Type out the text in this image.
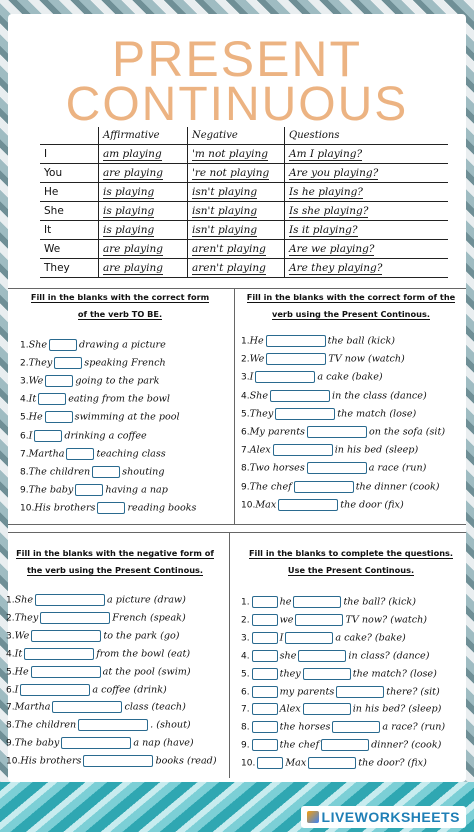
PRESENT
CONTINUOUS
	Affirmative	Negative	Questions
I	am playing	'm not playing	Am I playing?
You	are playing	're not playing	Are you playing?
He	is playing	isn't playing	Is he playing?
She	is playing	isn't playing	Is she playing?
It	is playing	isn't playing	Is it playing?
We	are playing	aren't playing	Are we playing?
They	are playing	aren't playing	Are they playing?
Fill in the blanks with the correct form
of the verb TO BE.
Fill in the blanks with the correct form of the
verb using the Present Continous.
Fill in the blanks with the negative form of
the verb using the Present Continous.
Fill in the blanks to complete the questions.
Use the Present Continous.
1.She	drawing a picture
2.They	speaking French
3.We	going to the park
4.It	eating from the bowl
5.He	swimming at the pool
6.I	drinking a coffee
7.Martha	teaching class
8.The children	shouting
9.The baby	having a nap
10.His brothers	reading books
1.He	the ball (kick)
2.We	TV now (watch)
3.I	a cake (bake)
4.She	in the class (dance)
5.They	the match (lose)
6.My parents	on the sofa (sit)
7.Alex	in his bed (sleep)
8.Two horses	a race (run)
9.The chef	the dinner (cook)
10.Max	the door (fix)
1.She	a picture (draw)
2.They	French (speak)
3.We	to the park (go)
4.It	from the bowl (eat)
5.He	at the pool (swim)
6.I	a coffee (drink)
7.Martha	class (teach)
8.The children	. (shout)
9.The baby	a nap (have)
10.His brothers	books (read)
1.	he	the ball? (kick)
2.	we	TV now? (watch)
3.	I	a cake? (bake)
4.	she	in class? (dance)
5.	they	the match? (lose)
6.	my parents	there? (sit)
7.	Alex	in his bed? (sleep)
8.	the horses	a race? (run)
9.	the chef	dinner? (cook)
10.	Max	the door? (fix)
LIVEWORKSHEETS
